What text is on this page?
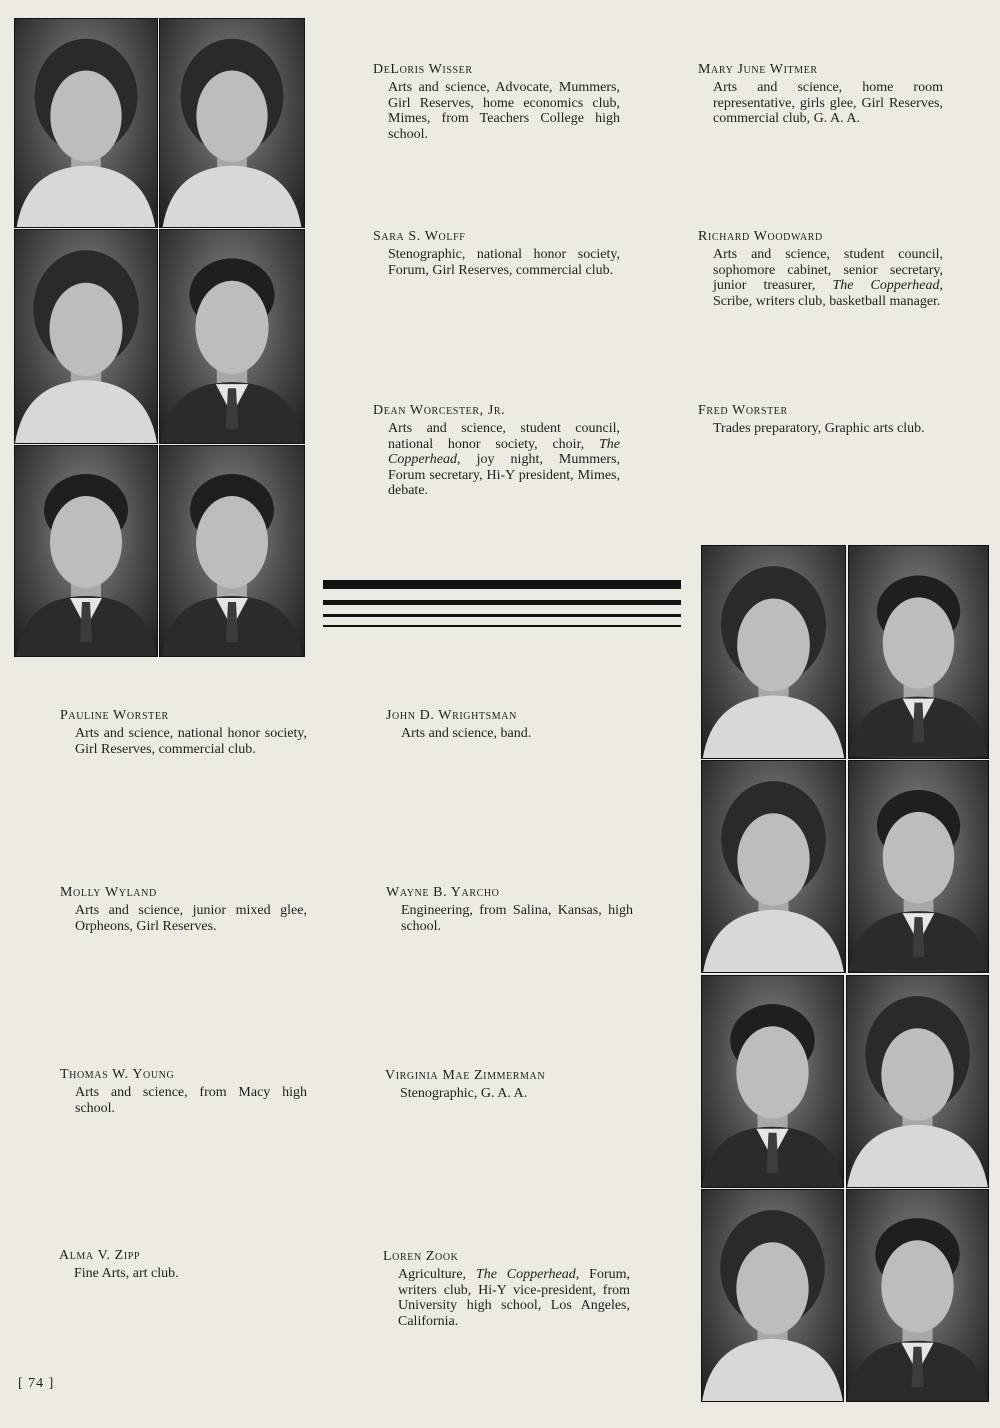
DeLoris Wisser
Arts and science, Advocate, Mummers, Girl Reserves, home economics club, Mimes, from Teachers College high school.
Mary June Witmer
Arts and science, home room representative, girls glee, Girl Reserves, commercial club, G. A. A.
Sara S. Wolff
Stenographic, national honor society, Forum, Girl Reserves, commercial club.
Richard Woodward
Arts and science, student council, sophomore cabinet, senior secretary, junior treasurer, The Copperhead, Scribe, writers club, basketball manager.
Dean Worcester, Jr.
Arts and science, student council, national honor society, choir, The Copperhead, joy night, Mummers, Forum secretary, Hi-Y president, Mimes, debate.
Fred Worster
Trades preparatory, Graphic arts club.
Pauline Worster
Arts and science, national honor society, Girl Reserves, commercial club.
John D. Wrightsman
Arts and science, band.
Molly Wyland
Arts and science, junior mixed glee, Orpheons, Girl Reserves.
Wayne B. Yarcho
Engineering, from Salina, Kansas, high school.
Thomas W. Young
Arts and science, from Macy high school.
Virginia Mae Zimmerman
Stenographic, G. A. A.
Alma V. Zipp
Fine Arts, art club.
Loren Zook
Agriculture, The Copperhead, Forum, writers club, Hi-Y vice-president, from University high school, Los Angeles, California.
[ 74 ]
